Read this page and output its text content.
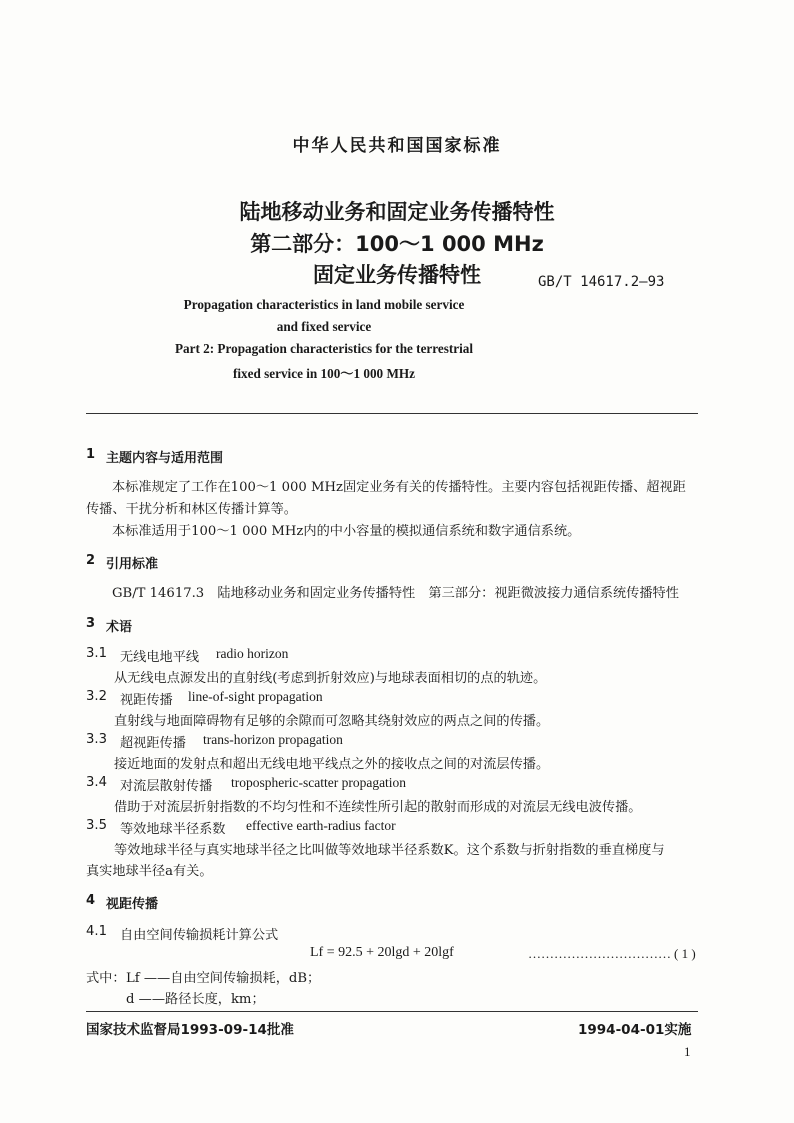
中华人民共和国国家标准
陆地移动业务和固定业务传播特性
第二部分：100～1 000 MHz
固定业务传播特性	GB/T 14617.2—93
Propagation characteristics in land mobile service
and fixed service
Part 2: Propagation characteristics for the terrestrial
fixed service in 100～1 000 MHz
1 主题内容与适用范围
本标准规定了工作在100～1 000 MHz固定业务有关的传播特性。主要内容包括视距传播、超视距
传播、干扰分析和林区传播计算等。
本标准适用于100～1 000 MHz内的中小容量的模拟通信系统和数字通信系统。
2 引用标准
GB/T 14617.3　陆地移动业务和固定业务传播特性　第三部分：视距微波接力通信系统传播特性
3 术语
3.1 无线电地平线 radio horizon
从无线电点源发出的直射线(考虑到折射效应)与地球表面相切的点的轨迹。
3.2 视距传播 line-of-sight propagation
直射线与地面障碍物有足够的余隙而可忽略其绕射效应的两点之间的传播。
3.3 超视距传播 trans-horizon propagation
接近地面的发射点和超出无线电地平线点之外的接收点之间的对流层传播。
3.4 对流层散射传播 tropospheric-scatter propagation
借助于对流层折射指数的不均匀性和不连续性所引起的散射而形成的对流层无线电波传播。
3.5 等效地球半径系数 effective earth-radius factor
等效地球半径与真实地球半径之比叫做等效地球半径系数K。这个系数与折射指数的垂直梯度与
真实地球半径a有关。
4 视距传播
4.1 自由空间传输损耗计算公式
Lf = 92.5 + 20lgd + 20lgf	…………………………… ( 1 )
式中： Lf ——自由空间传输损耗，dB；
d ——路径长度，km；
国家技术监督局1993-09-14批准	1994-04-01实施
1
